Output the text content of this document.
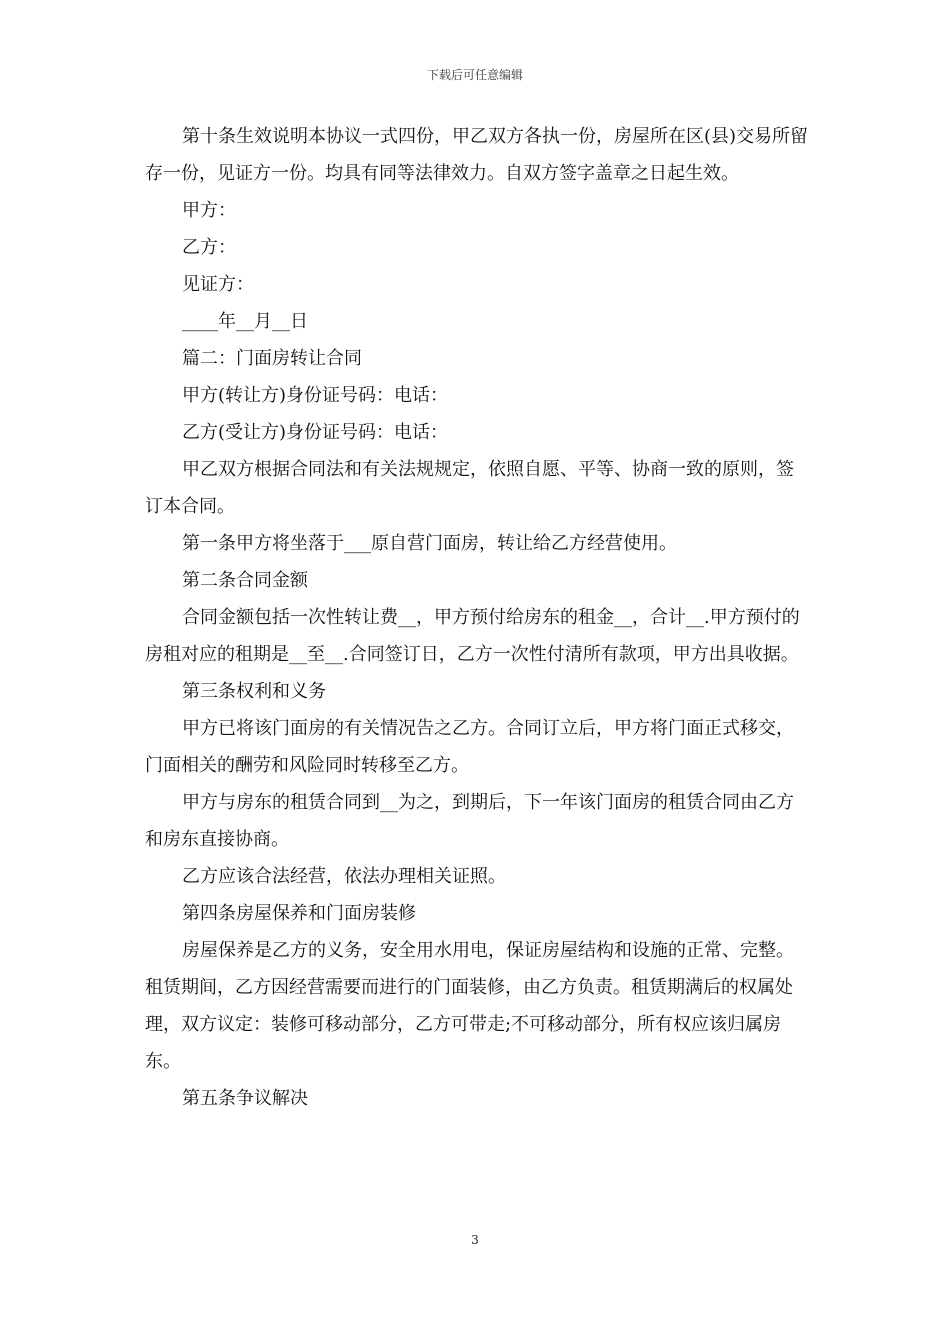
下载后可任意编辑

第十条生效说明本协议一式四份，甲乙双方各执一份，房屋所在区(县)交易所留存一份，见证方一份。均具有同等法律效力。自双方签字盖章之日起生效。

甲方：

乙方：

见证方：

____年__月__日

篇二：门面房转让合同

甲方(转让方)身份证号码：电话：

乙方(受让方)身份证号码：电话：

甲乙双方根据合同法和有关法规规定，依照自愿、平等、协商一致的原则，签订本合同。

第一条甲方将坐落于___原自营门面房，转让给乙方经营使用。

第二条合同金额

合同金额包括一次性转让费__，甲方预付给房东的租金__，合计__.甲方预付的房租对应的租期是__至__.合同签订日，乙方一次性付清所有款项，甲方出具收据。

第三条权利和义务

甲方已将该门面房的有关情况告之乙方。合同订立后，甲方将门面正式移交，门面相关的酬劳和风险同时转移至乙方。

甲方与房东的租赁合同到__为之，到期后，下一年该门面房的租赁合同由乙方和房东直接协商。

乙方应该合法经营，依法办理相关证照。

第四条房屋保养和门面房装修

房屋保养是乙方的义务，安全用水用电，保证房屋结构和设施的正常、完整。租赁期间，乙方因经营需要而进行的门面装修，由乙方负责。租赁期满后的权属处理，双方议定：装修可移动部分，乙方可带走;不可移动部分，所有权应该归属房东。

第五条争议解决

3
